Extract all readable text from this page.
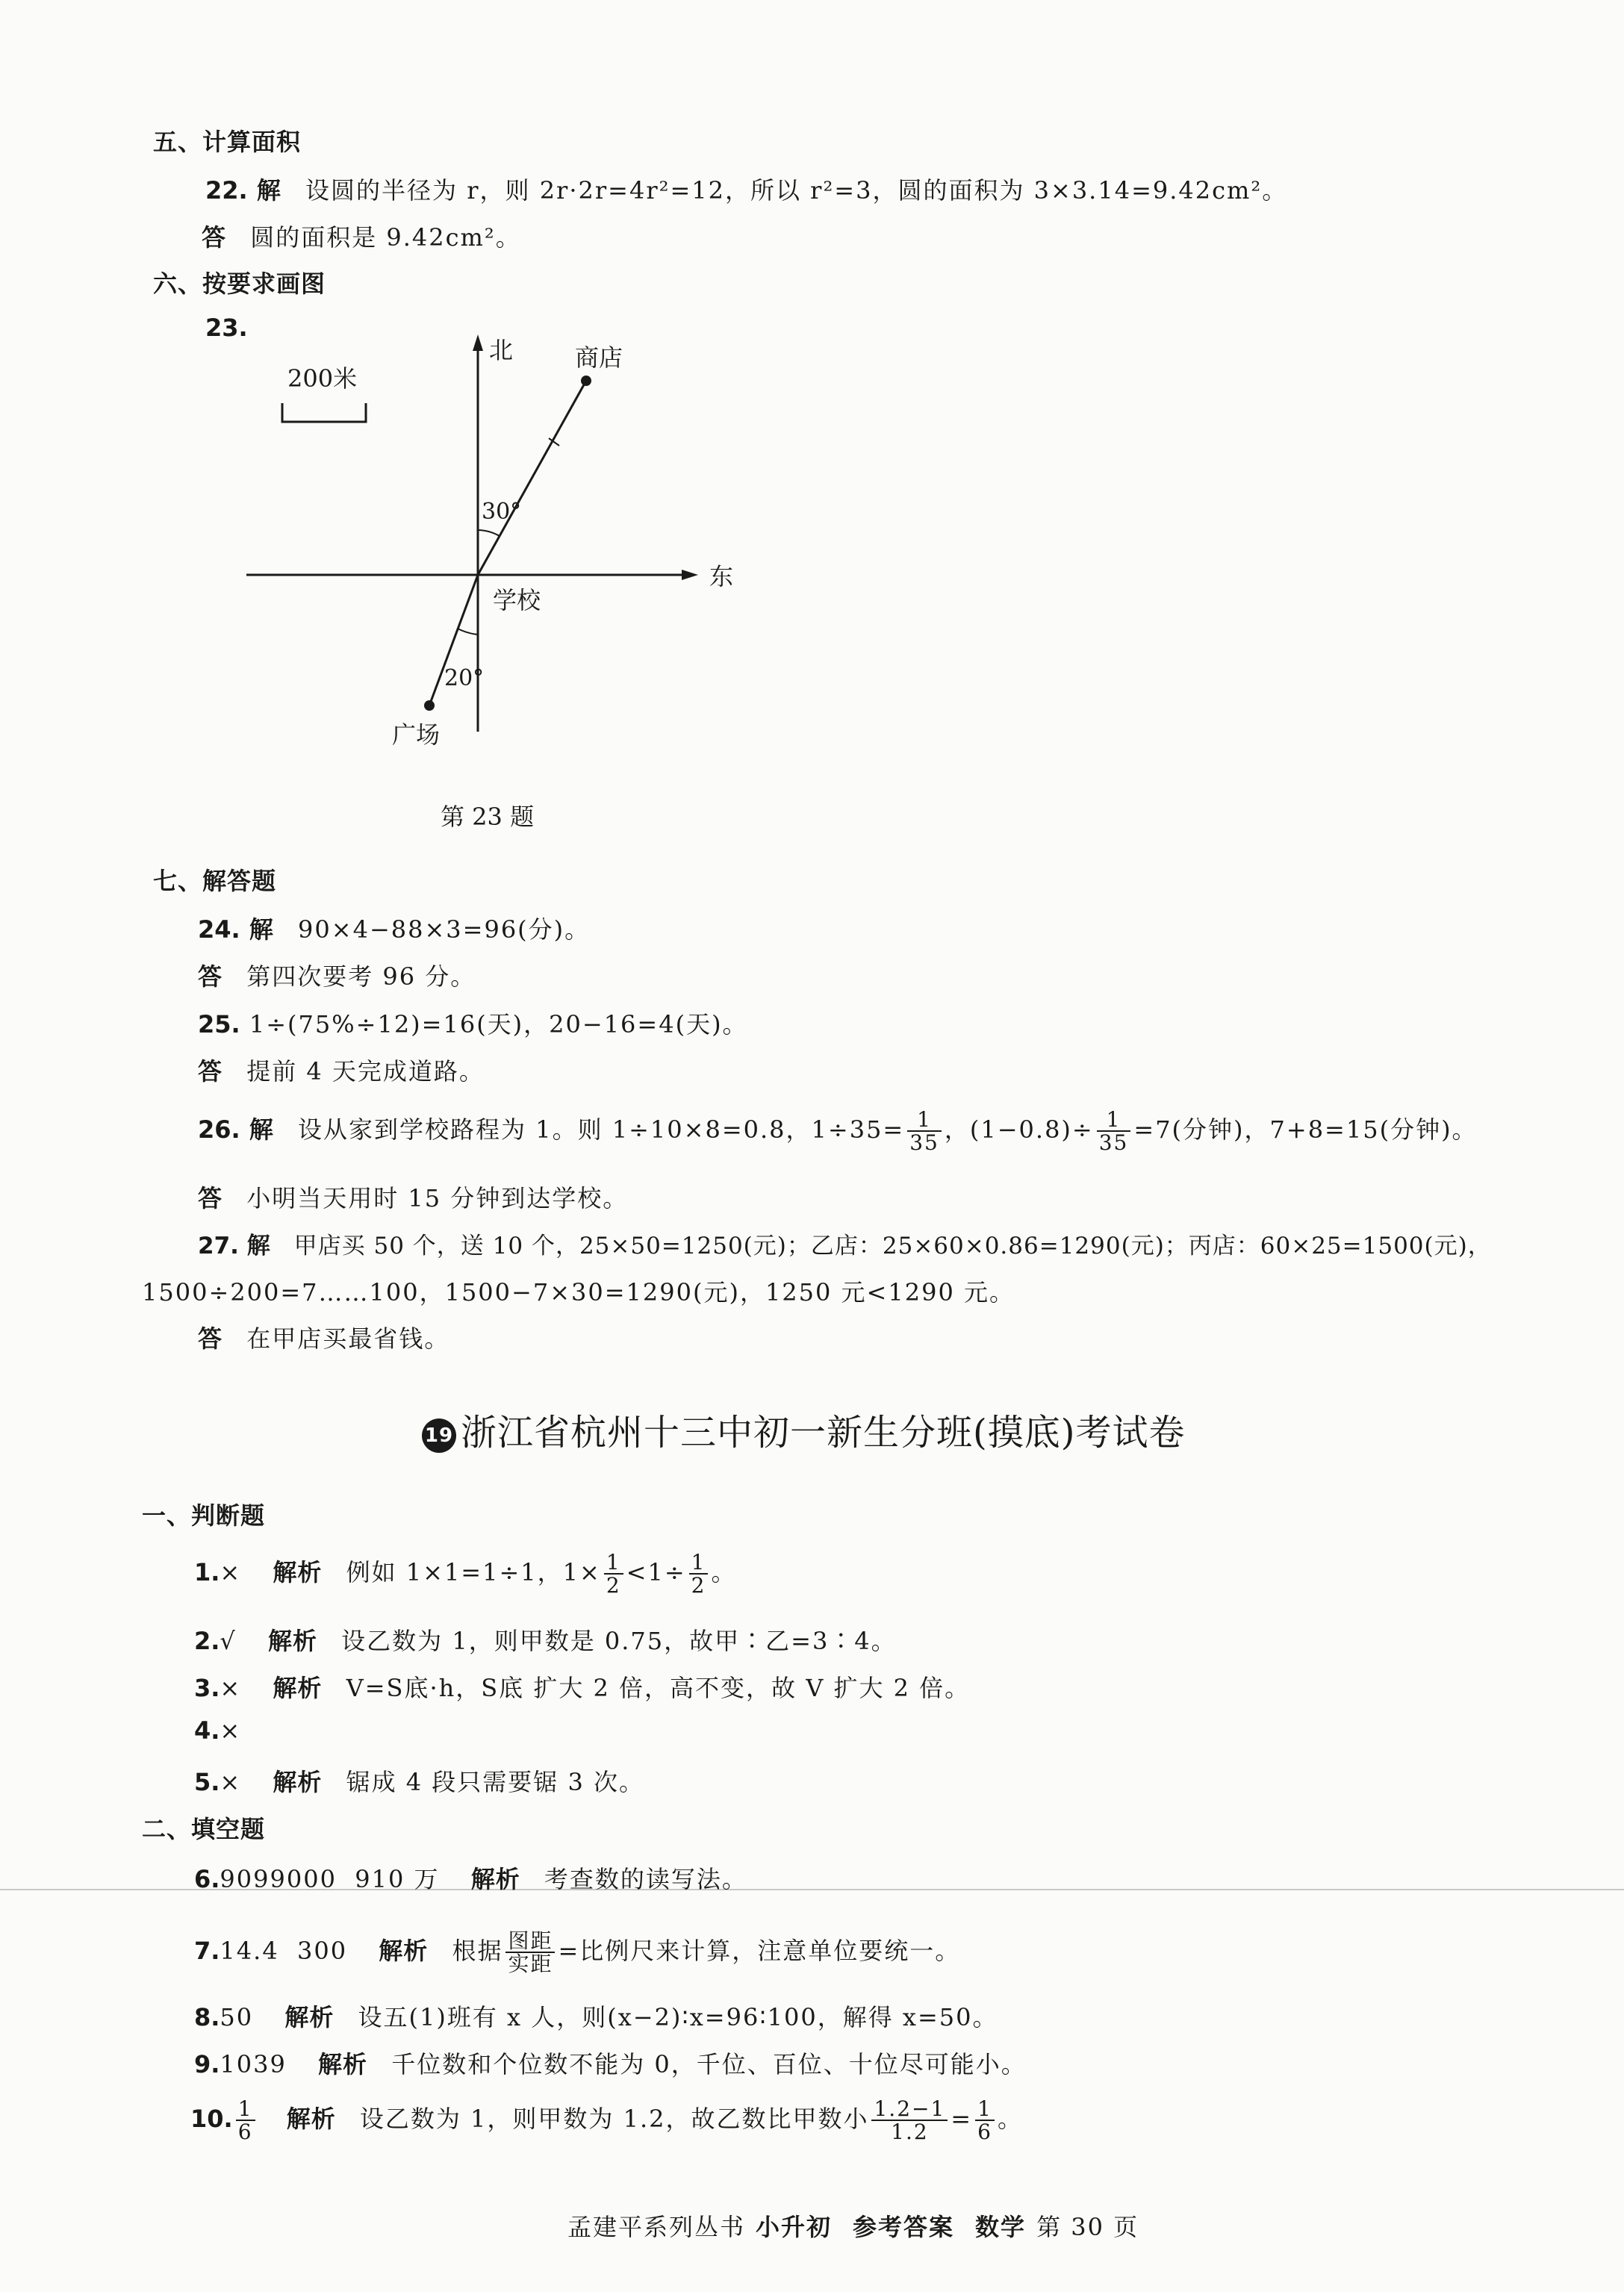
五、计算面积
22. 解 设圆的半径为 r，则 2r·2r=4r²=12，所以 r²=3，圆的面积为 3×3.14=9.42cm²。
答 圆的面积是 9.42cm²。
六、按要求画图
23.
200米
北
东
商店
30°
学校
20°
广场
第 23 题
七、解答题
24. 解 90×4−88×3=96(分)。
答 第四次要考 96 分。
25. 1÷(75%÷12)=16(天)，20−16=4(天)。
答 提前 4 天完成道路。
26. 解 设从家到学校路程为 1。则 1÷10×8=0.8，$1\div 35= \frac{1}{35}$ ，$(1-0.8)\div \frac{1}{35} =7$(分钟)，7+8=15(分钟)。
答 小明当天用时 15 分钟到达学校。
27. 解 甲店买 50 个，送 10 个，25×50=1250(元)；乙店：25×60×0.86=1290(元)；丙店：60×25=1500(元)，
1500÷200=7……100，1500−7×30=1290(元)，1250 元<1290 元。
答 在甲店买最省钱。
19 浙江省杭州十三中初一新生分班(摸底)考试卷
一、判断题
1.× 解析 例如 1×1=1÷1，$1\times \frac{1}{2} <1\div \frac{1}{2}$ 。
2.√ 解析 设乙数为 1，则甲数是 0.75，故甲∶乙=3∶4。
3.× 解析 V=S底·h，S底 扩大 2 倍，高不变，故 V 扩大 2 倍。
4.×
5.× 解析 锯成 4 段只需要锯 3 次。
二、填空题
6.9099000  910 万 解析 考查数的读写法。
7.14.4  300 解析 根据 $\frac{\text{图距}}{\text{实距}}$ =比例尺来计算，注意单位要统一。
8.50 解析 设五(1)班有 x 人，则(x−2)∶x=96∶100，解得 x=50。
9.1039 解析 千位数和个位数不能为 0，千位、百位、十位尽可能小。
10. $\frac{1}{6}$ 解析 设乙数为 1，则甲数为 1.2，故乙数比甲数小 $\frac{1.2-1}{1.2} = \frac{1}{6}$ 。
孟建平系列丛书 小升初 参考答案 数学 第 30 页
